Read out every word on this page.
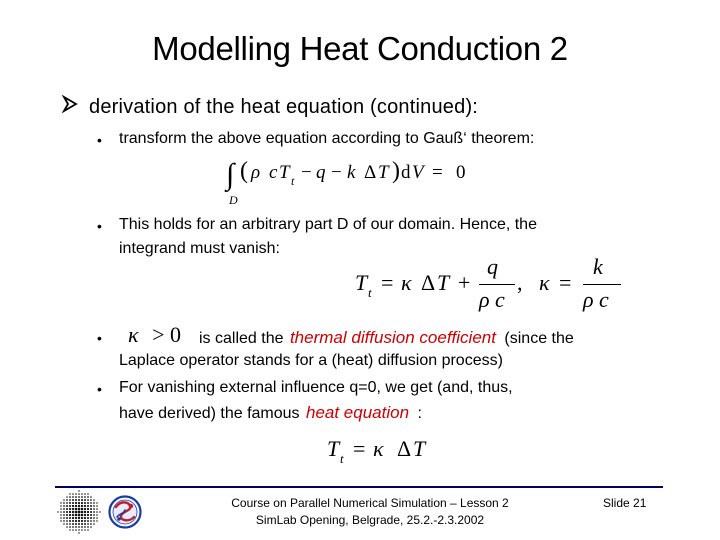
Modelling Heat Conduction 2
derivation of the heat equation (continued):
• transform the above equation according to Gauß‘ theorem:
∫
D
( ρ c T t − q − k Δ T ) d V = 0
• This holds for an arbitrary part D of our domain. Hence, the
integrand must vanish:
T t = κ Δ T +
q
ρ c
, κ =
k
ρ c
• κ > 0 is called the thermal diffusion coefficient (since the
Laplace operator stands for a (heat) diffusion process)
• For vanishing external influence q=0, we get (and, thus,
have derived) the famous heat equation :
T t = κ Δ T
Course on Parallel Numerical Simulation – Lesson 2
SimLab Opening, Belgrade, 25.2.-2.3.2002
Slide 21
